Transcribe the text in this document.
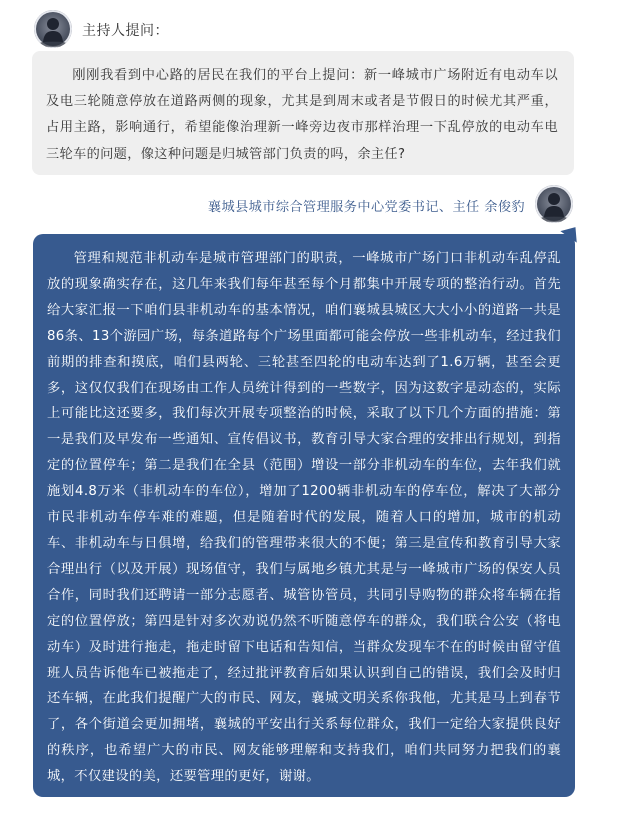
主持人提问：
刚刚我看到中心路的居民在我们的平台上提问：新一峰城市广场附近有电动车以及电三轮随意停放在道路两侧的现象，尤其是到周末或者是节假日的时候尤其严重，占用主路，影响通行，希望能像治理新一峰旁边夜市那样治理一下乱停放的电动车电三轮车的问题，像这种问题是归城管部门负责的吗，余主任?
襄城县城市综合管理服务中心党委书记、主任 余俊豹
管理和规范非机动车是城市管理部门的职责，一峰城市广场门口非机动车乱停乱放的现象确实存在，这几年来我们每年甚至每个月都集中开展专项的整治行动。首先给大家汇报一下咱们县非机动车的基本情况，咱们襄城县城区大大小小的道路一共是86条、13个游园广场，每条道路每个广场里面都可能会停放一些非机动车，经过我们前期的排查和摸底，咱们县两轮、三轮甚至四轮的电动车达到了1.6万辆，甚至会更多，这仅仅我们在现场由工作人员统计得到的一些数字，因为这数字是动态的，实际上可能比这还要多，我们每次开展专项整治的时候，采取了以下几个方面的措施：第一是我们及早发布一些通知、宣传倡议书，教育引导大家合理的安排出行规划，到指定的位置停车；第二是我们在全县（范围）增设一部分非机动车的车位，去年我们就施划4.8万米（非机动车的车位），增加了1200辆非机动车的停车位，解决了大部分市民非机动车停车难的难题，但是随着时代的发展，随着人口的增加，城市的机动车、非机动车与日俱增，给我们的管理带来很大的不便；第三是宣传和教育引导大家合理出行（以及开展）现场值守，我们与属地乡镇尤其是与一峰城市广场的保安人员合作，同时我们还聘请一部分志愿者、城管协管员，共同引导购物的群众将车辆在指定的位置停放；第四是针对多次劝说仍然不听随意停车的群众，我们联合公安（将电动车）及时进行拖走，拖走时留下电话和告知信，当群众发现车不在的时候由留守值班人员告诉他车已被拖走了，经过批评教育后如果认识到自己的错误，我们会及时归还车辆，在此我们提醒广大的市民、网友，襄城文明关系你我他，尤其是马上到春节了，各个街道会更加拥堵，襄城的平安出行关系每位群众，我们一定给大家提供良好的秩序，也希望广大的市民、网友能够理解和支持我们，咱们共同努力把我们的襄城，不仅建设的美，还要管理的更好，谢谢。
